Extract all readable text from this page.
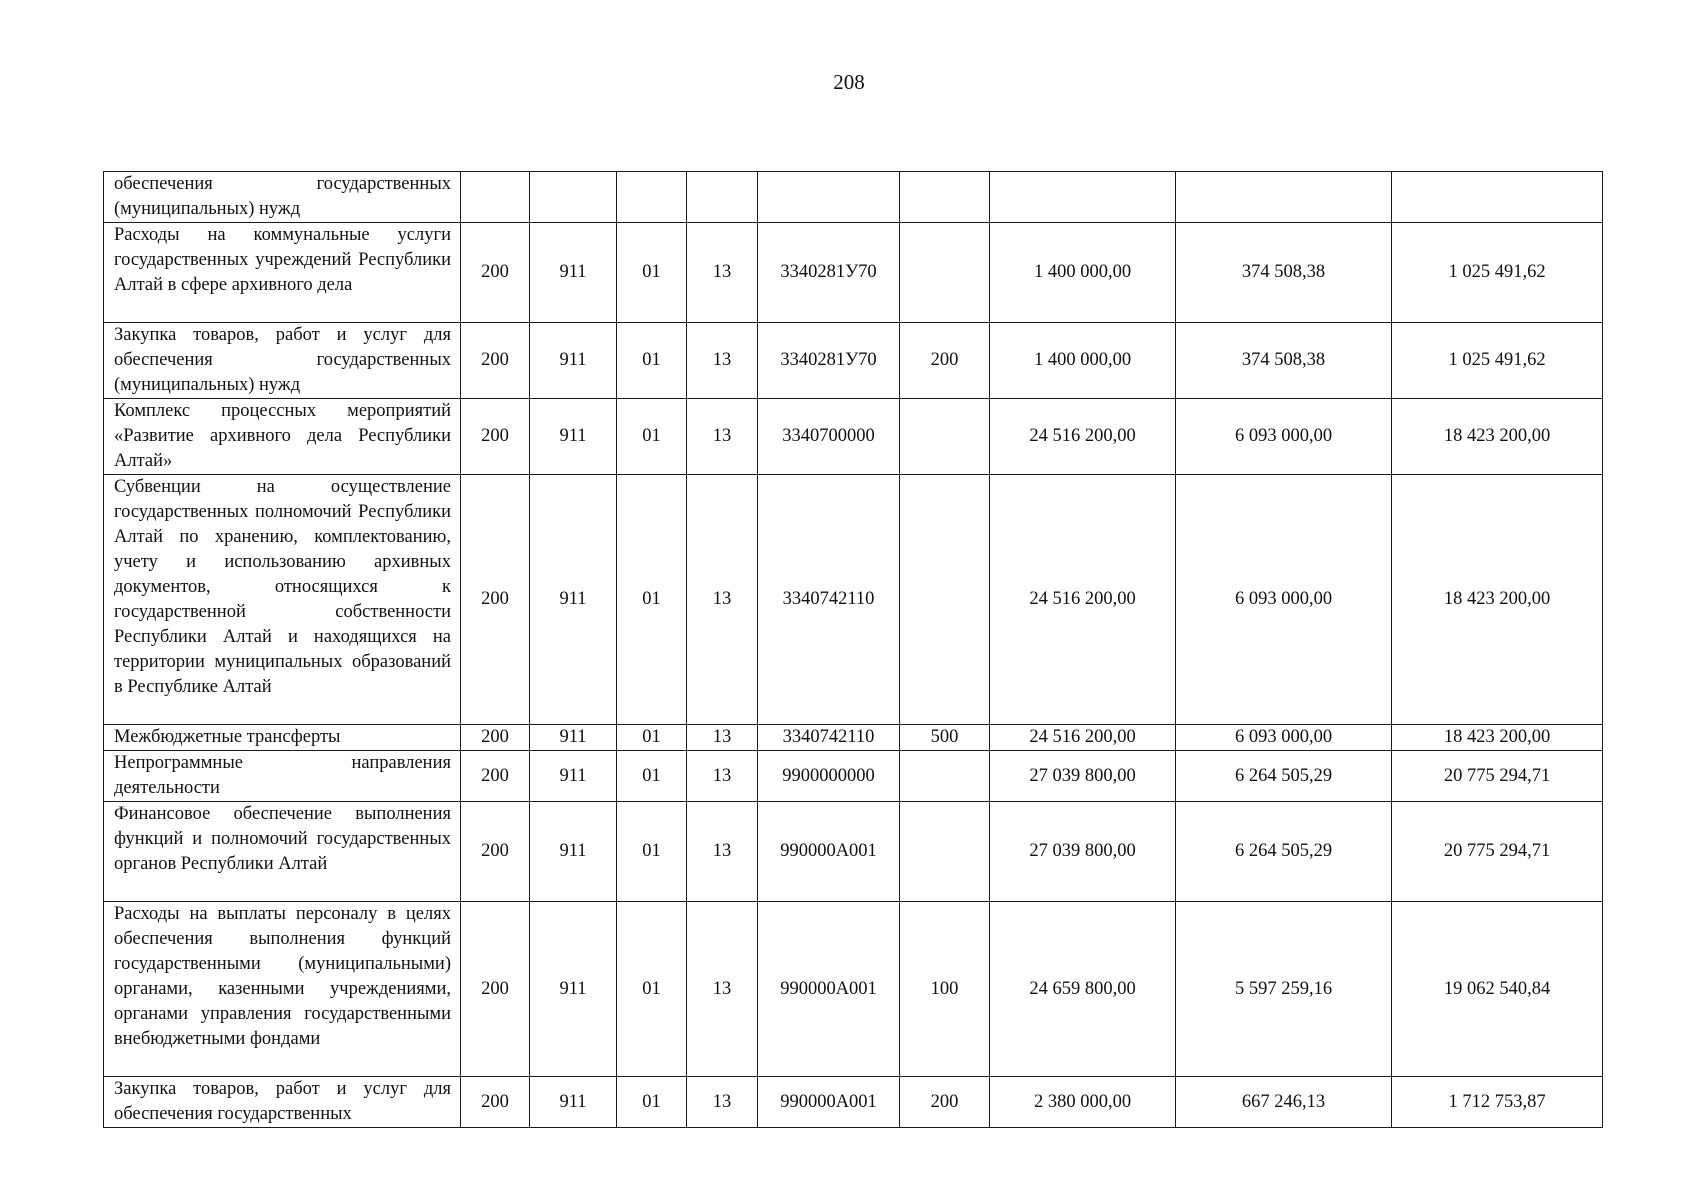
208
обеспечения государственных (муниципальных) нужд									

Расходы на коммунальные услуги государственных учреждений Республики Алтай в сфере архивного дела	200	911	01	13	3340281У70		1 400 000,00	374 508,38	1 025 491,62

Закупка товаров, работ и услуг для обеспечения государственных (муниципальных) нужд	200	911	01	13	3340281У70	200	1 400 000,00	374 508,38	1 025 491,62

Комплекс процессных мероприятий «Развитие архивного дела Республики Алтай»	200	911	01	13	3340700000		24 516 200,00	6 093 000,00	18 423 200,00

Субвенции на осуществление государственных полномочий Республики Алтай по хранению, комплектованию, учету и использованию архивных документов, относящихся к государственной собственности Республики Алтай и находящихся на территории муниципальных образований в Республике Алтай	200	911	01	13	3340742110		24 516 200,00	6 093 000,00	18 423 200,00

Межбюджетные трансферты	200	911	01	13	3340742110	500	24 516 200,00	6 093 000,00	18 423 200,00

Непрограммные направления деятельности	200	911	01	13	9900000000		27 039 800,00	6 264 505,29	20 775 294,71

Финансовое обеспечение выполнения функций и полномочий государственных органов Республики Алтай	200	911	01	13	990000А001		27 039 800,00	6 264 505,29	20 775 294,71

Расходы на выплаты персоналу в целях обеспечения выполнения функций государственными (муниципальными) органами, казенными учреждениями, органами управления государственными внебюджетными фондами	200	911	01	13	990000А001	100	24 659 800,00	5 597 259,16	19 062 540,84

Закупка товаров, работ и услуг для обеспечения государственных	200	911	01	13	990000А001	200	2 380 000,00	667 246,13	1 712 753,87
